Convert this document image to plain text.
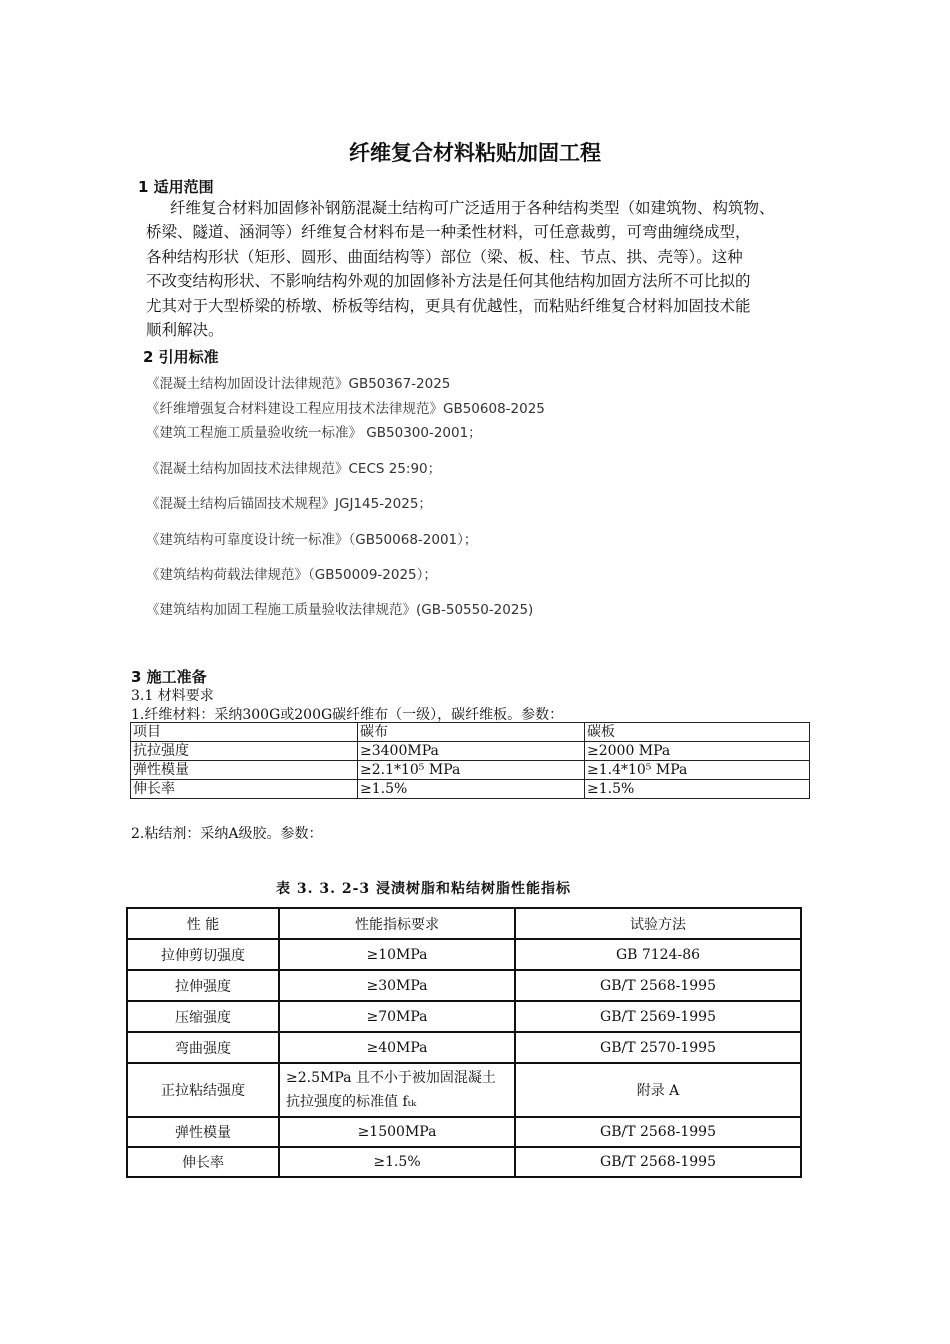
纤维复合材料粘贴加固工程
1 适用范围
纤维复合材料加固修补钢筋混凝土结构可广泛适用于各种结构类型（如建筑物、构筑物、
桥梁、隧道、涵洞等）纤维复合材料布是一种柔性材料，可任意裁剪，可弯曲缠绕成型，
各种结构形状（矩形、圆形、曲面结构等）部位（梁、板、柱、节点、拱、壳等）。这种
不改变结构形状、不影响结构外观的加固修补方法是任何其他结构加固方法所不可比拟的
尤其对于大型桥梁的桥墩、桥板等结构，更具有优越性，而粘贴纤维复合材料加固技术能
顺利解决。
2 引用标准
《混凝土结构加固设计法律规范》GB50367-2025
《纤维增强复合材料建设工程应用技术法律规范》GB50608-2025
《建筑工程施工质量验收统一标准》 GB50300-2001；
《混凝土结构加固技术法律规范》CECS 25:90；
《混凝土结构后锚固技术规程》JGJ145-2025；
《建筑结构可靠度设计统一标准》（GB50068-2001）；
《建筑结构荷载法律规范》（GB50009-2025）；
《建筑结构加固工程施工质量验收法律规范》(GB-50550-2025)
3 施工准备
3.1 材料要求
1.纤维材料：采纳300G或200G碳纤维布（一级），碳纤维板。参数：
项目	碳布	碳板
抗拉强度	≥3400MPa	≥2000 MPa
弹性模量	≥2.1*10⁵ MPa	≥1.4*10⁵ MPa
伸长率	≥1.5%	≥1.5%
2.粘结剂：采纳A级胶。参数：
表 3. 3. 2-3 浸渍树脂和粘结树脂性能指标
性 能	性能指标要求	试验方法
拉伸剪切强度	≥10MPa	GB 7124-86
拉伸强度	≥30MPa	GB/T 2568-1995
压缩强度	≥70MPa	GB/T 2569-1995
弯曲强度	≥40MPa	GB/T 2570-1995
正拉粘结强度	≥2.5MPa 且不小于被加固混凝土抗拉强度的标准值 fₜₖ	附录 A
弹性模量	≥1500MPa	GB/T 2568-1995
伸长率	≥1.5%	GB/T 2568-1995
